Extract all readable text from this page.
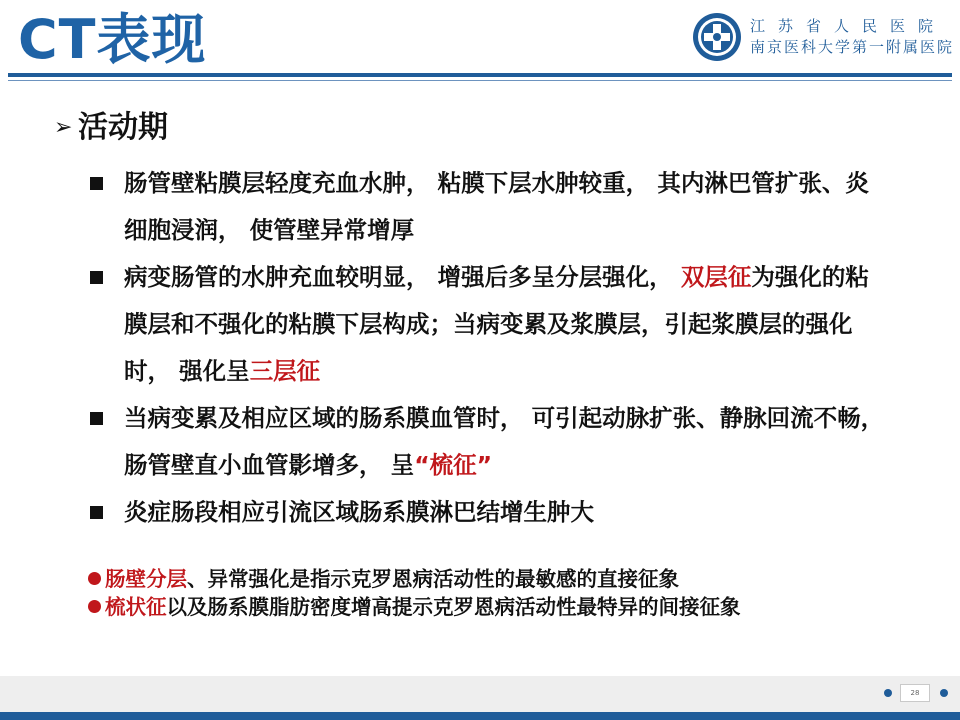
CT表现	江苏省人民医院
南京医科大学第一附属医院
➢ 活动期
肠管壁粘膜层轻度充血水肿， 粘膜下层水肿较重， 其内淋巴管扩张、炎细胞浸润， 使管壁异常增厚
病变肠管的水肿充血较明显， 增强后多呈分层强化， 双层征为强化的粘膜层和不强化的粘膜下层构成；当病变累及浆膜层，引起浆膜层的强化时， 强化呈三层征
当病变累及相应区域的肠系膜血管时， 可引起动脉扩张、静脉回流不畅， 肠管壁直小血管影增多， 呈“梳征”
炎症肠段相应引流区域肠系膜淋巴结增生肿大
肠壁分层、异常强化是指示克罗恩病活动性的最敏感的直接征象
梳状征以及肠系膜脂肪密度增高提示克罗恩病活动性最特异的间接征象
28
